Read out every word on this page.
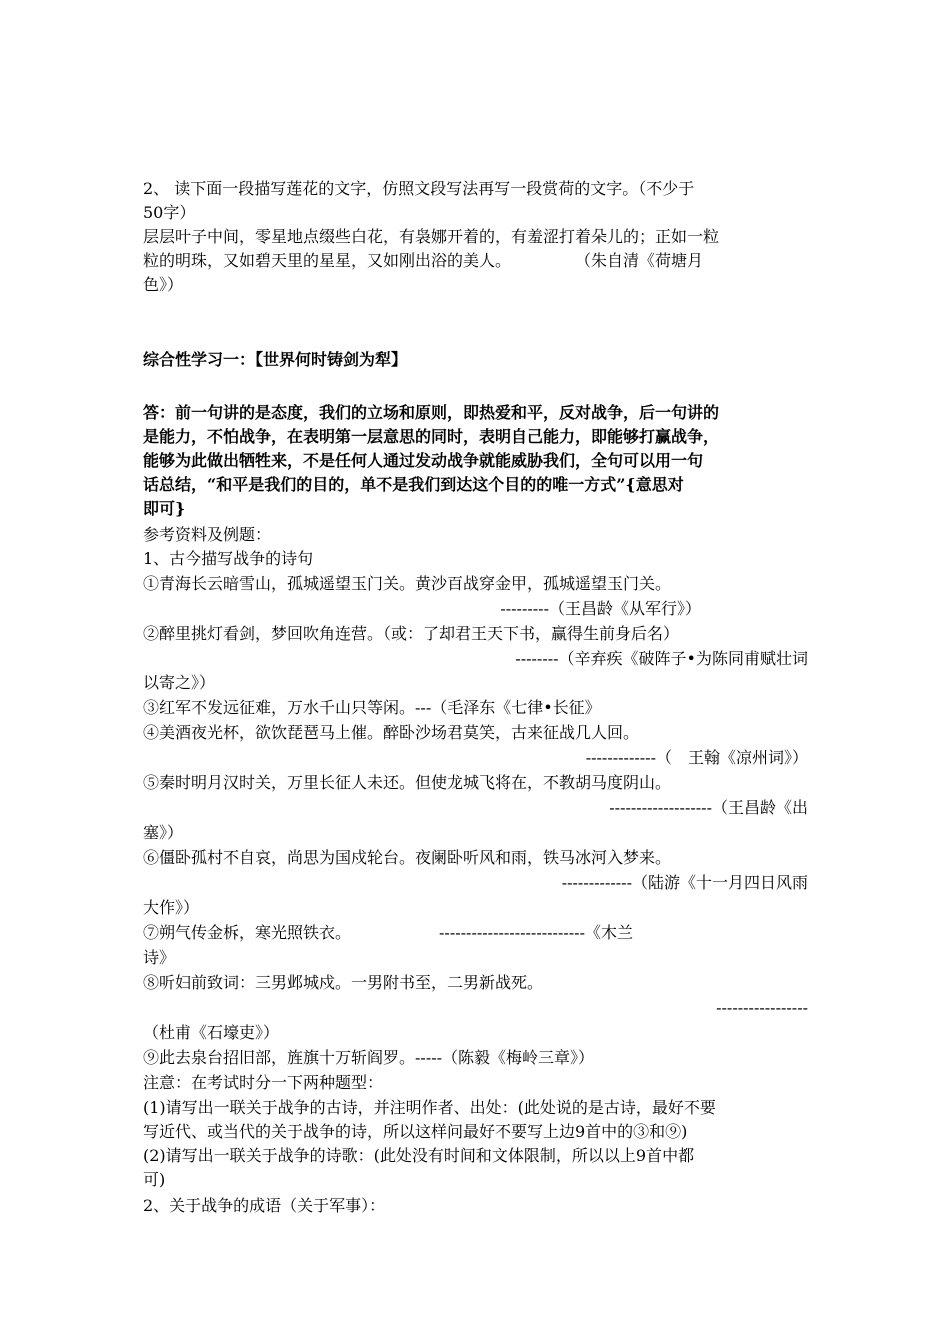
2、 读下面一段描写莲花的文字，仿照文段写法再写一段赏荷的文字。（不少于
50字）
层层叶子中间，零星地点缀些白花，有袅娜开着的，有羞涩打着朵儿的；正如一粒
粒的明珠，又如碧天里的星星，又如刚出浴的美人。　　　　　（朱自清《荷塘月
色》）
综合性学习一：【世界何时铸剑为犁】
答：前一句讲的是态度，我们的立场和原则，即热爱和平，反对战争，后一句讲的
是能力，不怕战争，在表明第一层意思的同时，表明自己能力，即能够打赢战争，
能够为此做出牺牲来，不是任何人通过发动战争就能威胁我们，全句可以用一句
话总结，“和平是我们的目的，单不是我们到达这个目的的唯一方式”{意思对
即可}
参考资料及例题：
1、古今描写战争的诗句
①青海长云暗雪山，孤城遥望玉门关。黄沙百战穿金甲，孤城遥望玉门关。
---------（王昌龄《从军行》）
②醉里挑灯看剑，梦回吹角连营。（或：了却君王天下书，赢得生前身后名）
--------（辛弃疾《破阵子•为陈同甫赋壮词
以寄之》）
③红军不发远征难，万水千山只等闲。---（毛泽东《七律•长征》
④美酒夜光杯，欲饮琵琶马上催。醉卧沙场君莫笑，古来征战几人回。
-------------（　王翰《凉州词》）
⑤秦时明月汉时关，万里长征人未还。但使龙城飞将在，不教胡马度阴山。
-------------------（王昌龄《出
塞》）
⑥僵卧孤村不自哀，尚思为国戍轮台。夜阑卧听风和雨，铁马冰河入梦来。
-------------（陆游《十一月四日风雨
大作》）
⑦朔气传金柝，寒光照铁衣。　　　　　　---------------------------《木兰
诗》
⑧听妇前致词：三男邺城戍。一男附书至，二男新战死。
-----------------
（杜甫《石壕吏》）
⑨此去泉台招旧部，旌旗十万斩阎罗。-----（陈毅《梅岭三章》）
注意：在考试时分一下两种题型：
(1)请写出一联关于战争的古诗，并注明作者、出处：(此处说的是古诗，最好不要
写近代、或当代的关于战争的诗，所以这样问最好不要写上边9首中的③和⑨)
(2)请写出一联关于战争的诗歌：(此处没有时间和文体限制，所以以上9首中都
可)
2、关于战争的成语（关于军事）：
